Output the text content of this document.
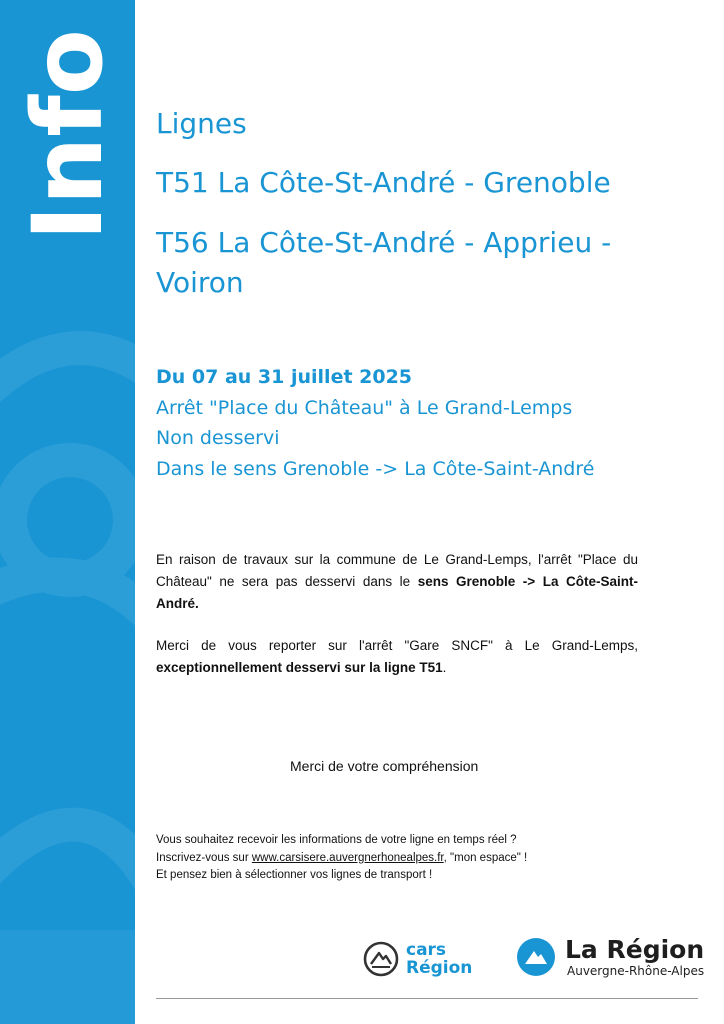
Info Lignes
T51 La Côte-St-André - Grenoble
T56 La Côte-St-André - Apprieu - Voiron
Du 07 au 31 juillet 2025
Arrêt "Place du Château" à Le Grand-Lemps
Non desservi
Dans le sens Grenoble -> La Côte-Saint-André
En raison de travaux sur la commune de Le Grand-Lemps, l'arrêt "Place du Château" ne sera pas desservi dans le sens Grenoble -> La Côte-Saint-André.
Merci de vous reporter sur l'arrêt "Gare SNCF" à Le Grand-Lemps, exceptionnellement desservi sur la ligne T51.
Merci de votre compréhension
Vous souhaitez recevoir les informations de votre ligne en temps réel ?
Inscrivez-vous sur www.carsisere.auvergnerhonealpes.fr, "mon espace" !
Et pensez bien à sélectionner vos lignes de transport !
cars
Région
La Région
Auvergne-Rhône-Alpes
